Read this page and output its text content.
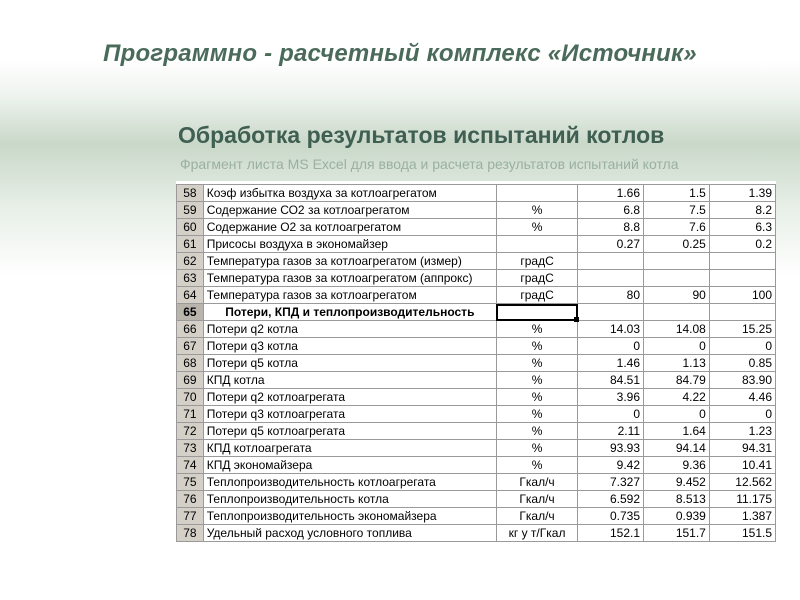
Программно - расчетный комплекс «Источник»
Обработка результатов испытаний котлов
Фрагмент листа MS Excel для ввода и расчета результатов испытаний котла
58	Коэф избытка воздуха за котлоагрегатом		1.66	1.5	1.39
59	Содержание СО2 за котлоагрегатом	%	6.8	7.5	8.2
60	Содержание О2 за котлоагрегатом	%	8.8	7.6	6.3
61	Присосы воздуха в экономайзер		0.27	0.25	0.2
62	Температура газов за котлоагрегатом (измер)	градС			
63	Температура газов за котлоагрегатом (аппрокс)	градС			
64	Температура газов за котлоагрегатом	градС	80	90	100
65	Потери, КПД и теплопроизводительность				
66	Потери q2 котла	%	14.03	14.08	15.25
67	Потери q3 котла	%	0	0	0
68	Потери q5 котла	%	1.46	1.13	0.85
69	КПД котла	%	84.51	84.79	83.90
70	Потери q2 котлоагрегата	%	3.96	4.22	4.46
71	Потери q3 котлоагрегата	%	0	0	0
72	Потери q5 котлоагрегата	%	2.11	1.64	1.23
73	КПД котлоагрегата	%	93.93	94.14	94.31
74	КПД экономайзера	%	9.42	9.36	10.41
75	Теплопроизводительность котлоагрегата	Гкал/ч	7.327	9.452	12.562
76	Теплопроизводительность котла	Гкал/ч	6.592	8.513	11.175
77	Теплопроизводительность экономайзера	Гкал/ч	0.735	0.939	1.387
78	Удельный расход условного топлива	кг у т/Гкал	152.1	151.7	151.5
